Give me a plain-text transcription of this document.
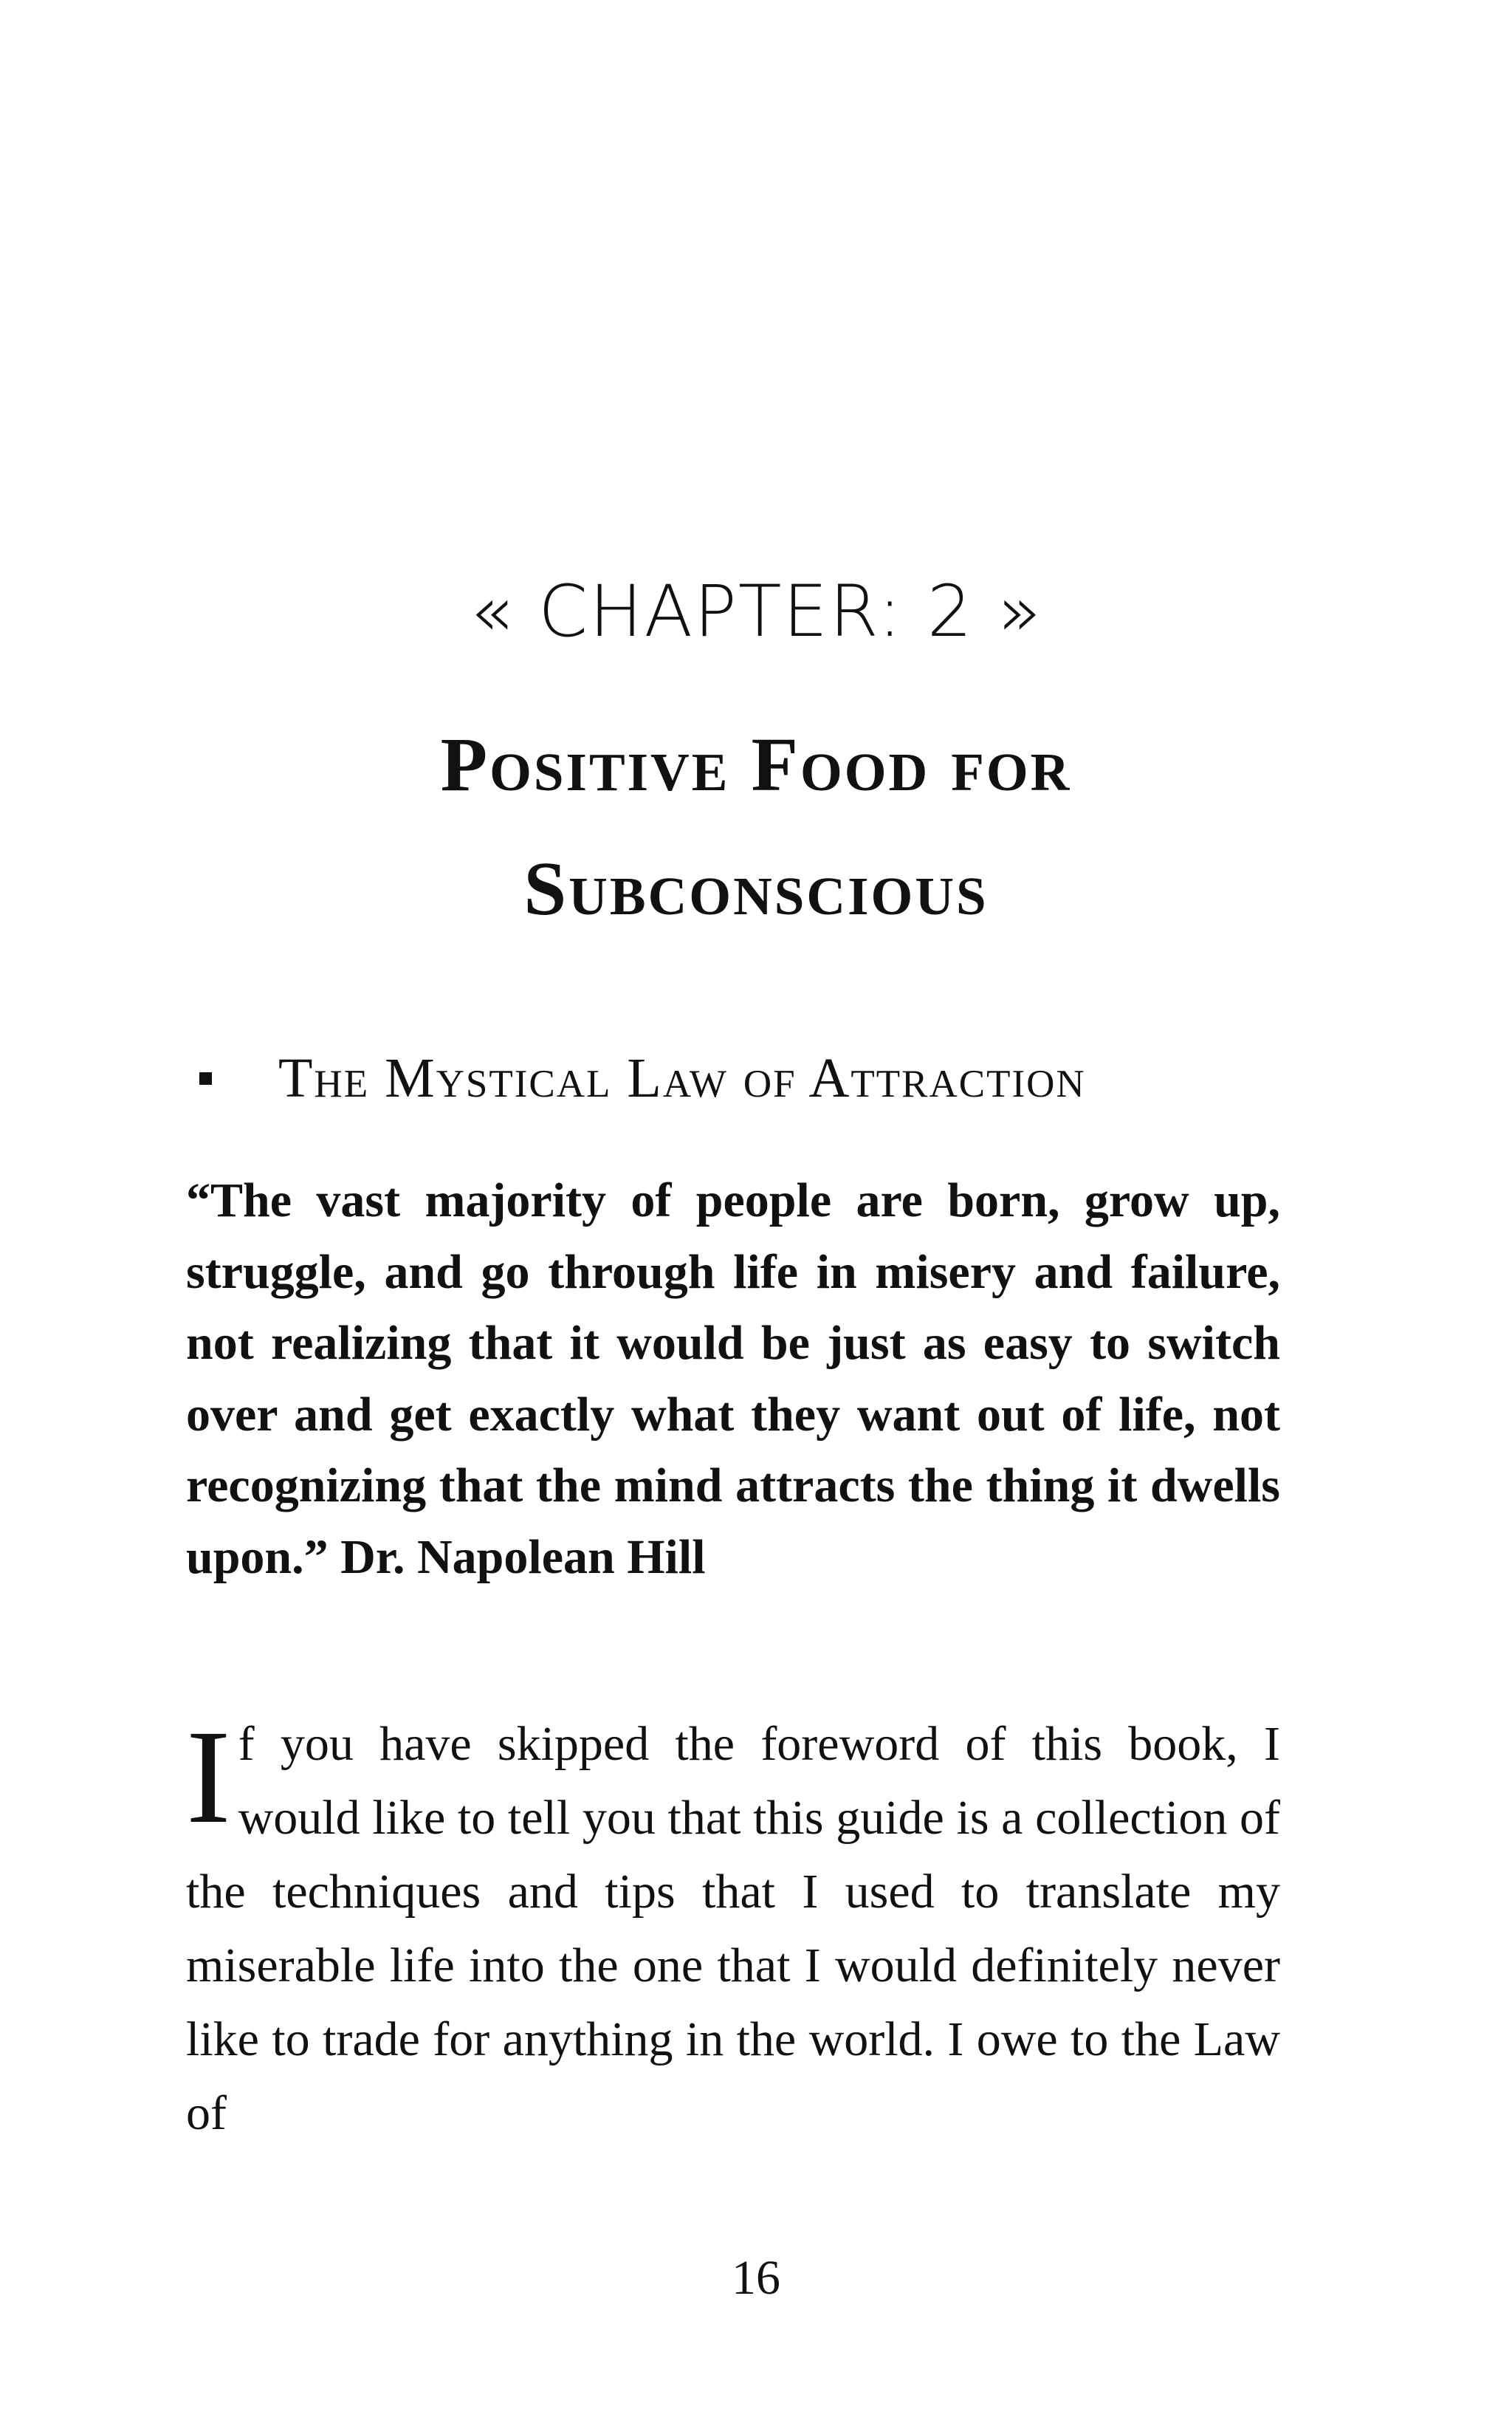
« CHAPTER: 2 »
Positive Food for
Subconscious
The Mystical Law of Attraction

“The vast majority of people are born, grow up, struggle, and go through life in misery and failure, not realizing that it would be just as easy to switch over and get exactly what they want out of life, not recognizing that the mind attracts the thing it dwells upon.” Dr. Napolean Hill

If you have skipped the foreword of this book, I would like to tell you that this guide is a collection of the techniques and tips that I used to translate my miserable life into the one that I would definitely never like to trade for anything in the world. I owe to the Law of

16
